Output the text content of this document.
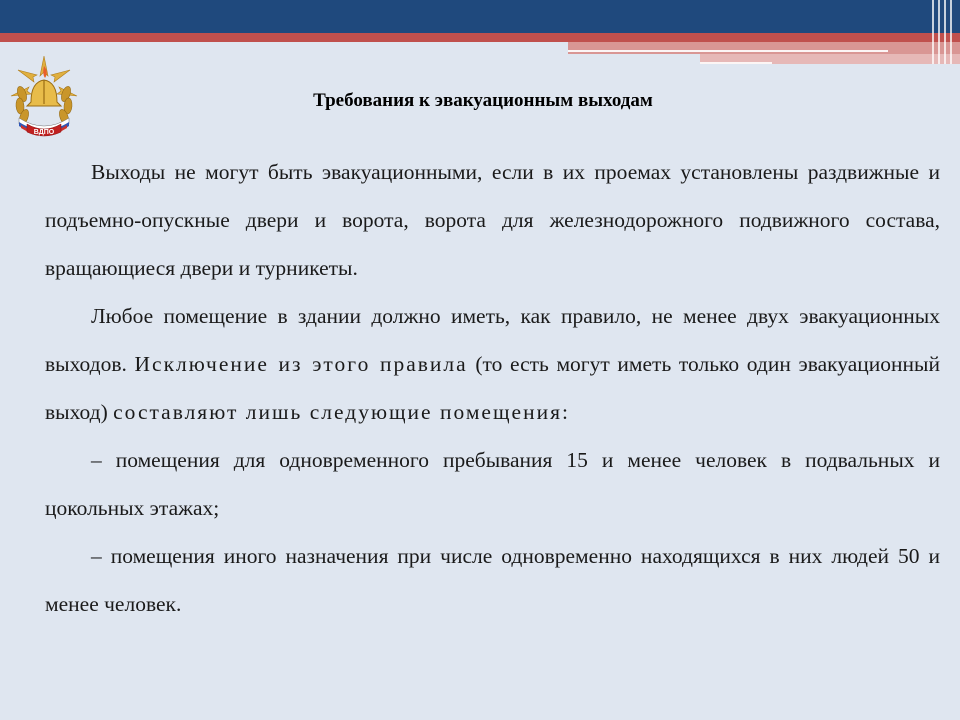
ВДПО
Требования к эвакуационным выходам

Выходы не могут быть эвакуационными, если в их проемах установлены раздвижные и подъемно-опускные двери и ворота, ворота для железнодорожного подвижного состава, вращающиеся двери и турникеты.

Любое помещение в здании должно иметь, как правило, не менее двух эвакуационных выходов. Исключение из этого правила (то есть могут иметь только один эвакуационный выход) составляют лишь следующие помещения:

– помещения для одновременного пребывания 15 и менее человек в подвальных и цокольных этажах;

– помещения иного назначения при числе одновременно находящихся в них людей 50 и менее человек.
